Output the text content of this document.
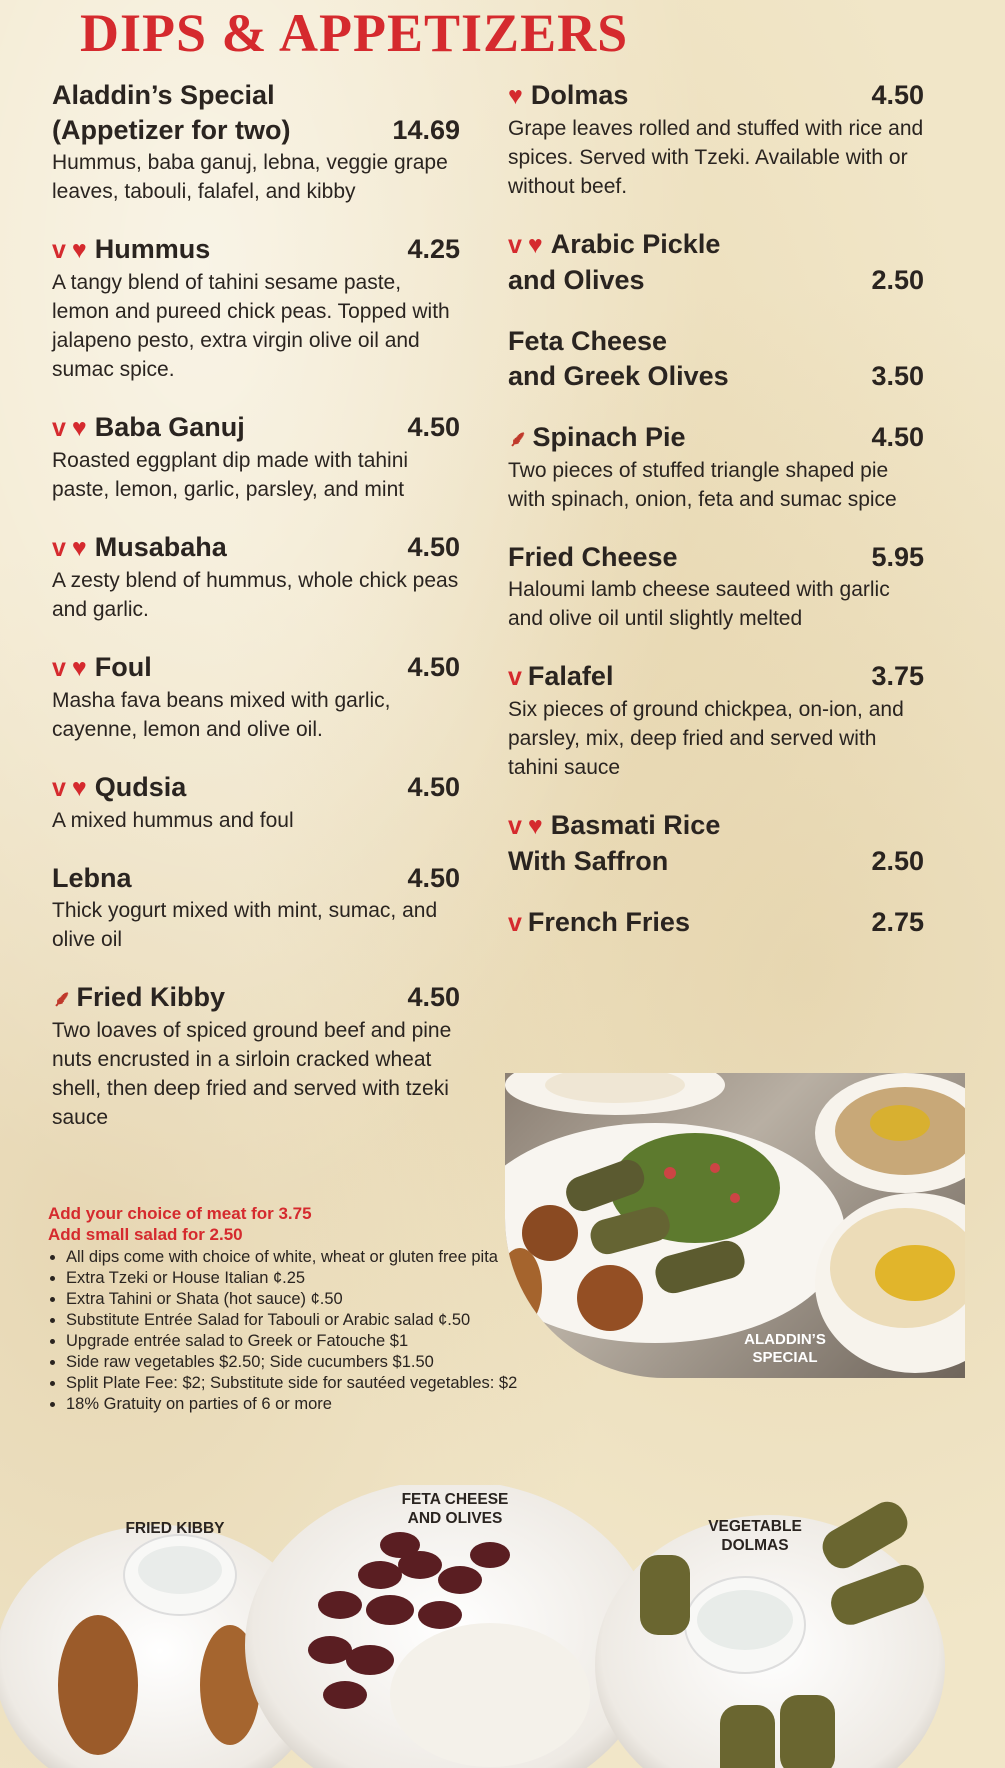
DIPS & APPETIZERS
Aladdin’s Special
(Appetizer for two)	14.69

Hummus, baba ganuj, lebna, veggie grape leaves, tabouli, falafel, and kibby

v ♥ Hummus	4.25

A tangy blend of tahini sesame paste, lemon and pureed chick peas. Topped with jalapeno pesto, extra virgin olive oil and sumac spice.

v ♥ Baba Ganuj	4.50

Roasted eggplant dip made with tahini paste, lemon, garlic, parsley, and mint

v ♥ Musabaha	4.50

A zesty blend of hummus, whole chick peas and garlic.

v ♥ Foul	4.50

Masha fava beans mixed with garlic, cayenne, lemon and olive oil.

v ♥ Qudsia	4.50

A mixed hummus and foul

Lebna	4.50

Thick yogurt mixed with mint, sumac, and olive oil

⸙ Fried Kibby	4.50

Two loaves of spiced ground beef and pine nuts encrusted in a sirloin cracked wheat shell, then deep fried and served with tzeki sauce

♥ Dolmas	4.50

Grape leaves rolled and stuffed with rice and spices. Served with Tzeki. Available with or without beef.

v ♥ Arabic Pickle
and Olives	2.50
Feta Cheese
and Greek Olives	3.50
⸙ Spinach Pie	4.50

Two pieces of stuffed triangle shaped pie with spinach, onion, feta and sumac spice

Fried Cheese	5.95

Haloumi lamb cheese sauteed with garlic and olive oil until slightly melted

v Falafel	3.75

Six pieces of ground chickpea, on-ion, and parsley, mix, deep fried and served with tahini sauce

v ♥ Basmati Rice
With Saffron	2.50
v French Fries	2.75
ALADDIN’S SPECIAL

Add your choice of meat for 3.75

Add small salad for 2.50

• All dips come with choice of white, wheat or gluten free pita
• Extra Tzeki or House Italian ¢.25
• Extra Tahini or Shata (hot sauce) ¢.50
• Substitute Entrée Salad for Tabouli or Arabic salad ¢.50
• Upgrade entrée salad to Greek or Fatouche $1
• Side raw vegetables $2.50; Side cucumbers $1.50
• Split Plate Fee: $2; Substitute side for sautéed vegetables: $2
• 18% Gratuity on parties of 6 or more
FRIED KIBBY
FETA CHEESE AND OLIVES	VEGETABLE DOLMAS
